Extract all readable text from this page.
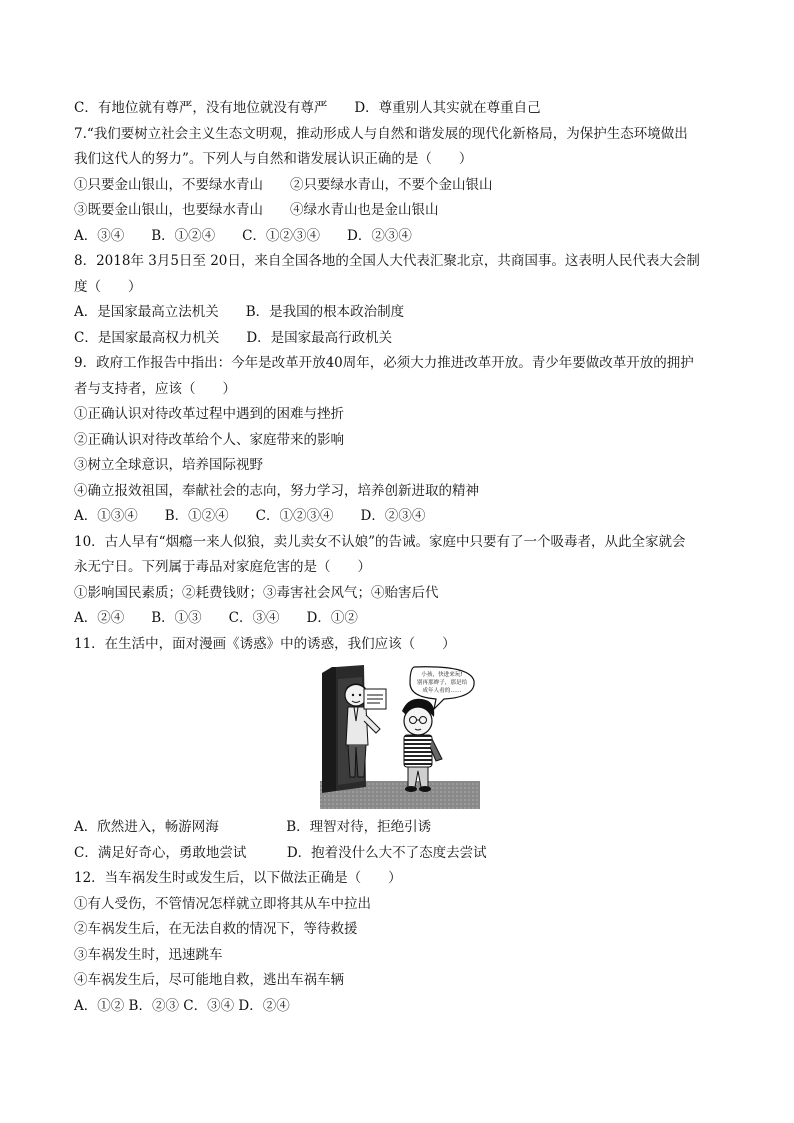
C．有地位就有尊严，没有地位就没有尊严　　D．尊重别人其实就在尊重自己
7.“我们要树立社会主义生态文明观，推动形成人与自然和谐发展的现代化新格局，为保护生态环境做出
我们这代人的努力”。下列人与自然和谐发展认识正确的是（　　）
①只要金山银山，不要绿水青山　　②只要绿水青山，不要个金山银山
③既要金山银山，也要绿水青山　　④绿水青山也是金山银山
A．③④　　B．①②④　　C．①②③④　　D．②③④
8．2018年 3月5日至 20日，来自全国各地的全国人大代表汇聚北京，共商国事。这表明人民代表大会制
度（　　）
A．是国家最高立法机关　　B．是我国的根本政治制度
C．是国家最高权力机关　　D．是国家最高行政机关
9．政府工作报告中指出：今年是改革开放40周年，必须大力推进改革开放。青少年要做改革开放的拥护
者与支持者，应该（　　）
①正确认识对待改革过程中遇到的困难与挫折
②正确认识对待改革给个人、家庭带来的影响
③树立全球意识，培养国际视野
④确立报效祖国，奉献社会的志向，努力学习，培养创新进取的精神
A．①③④　　B．①②④　　C．①②③④　　D．②③④
10．古人早有“烟瘾一来人似狼，卖儿卖女不认娘”的告诫。家庭中只要有了一个吸毒者，从此全家就会
永无宁日。下列属于毒品对家庭危害的是（　　）
①影响国民素质；②耗费钱财；③毒害社会风气；④贻害后代
A．②④　　B．①③　　C．③④　　D．①②
11．在生活中，面对漫画《诱惑》中的诱惑，我们应该（　　）
小孩，快进来玩!
别再那辫子，那是给
成年人看的……
A．欣然进入，畅游网海　　　　　B．理智对待，拒绝引诱
C．满足好奇心，勇敢地尝试　　　D．抱着没什么大不了态度去尝试
12．当车祸发生时或发生后，以下做法正确是（　　）
①有人受伤，不管情况怎样就立即将其从车中拉出
②车祸发生后，在无法自救的情况下，等待救援
③车祸发生时，迅速跳车
④车祸发生后，尽可能地自救，逃出车祸车辆
A．①② B．②③ C．③④ D．②④
